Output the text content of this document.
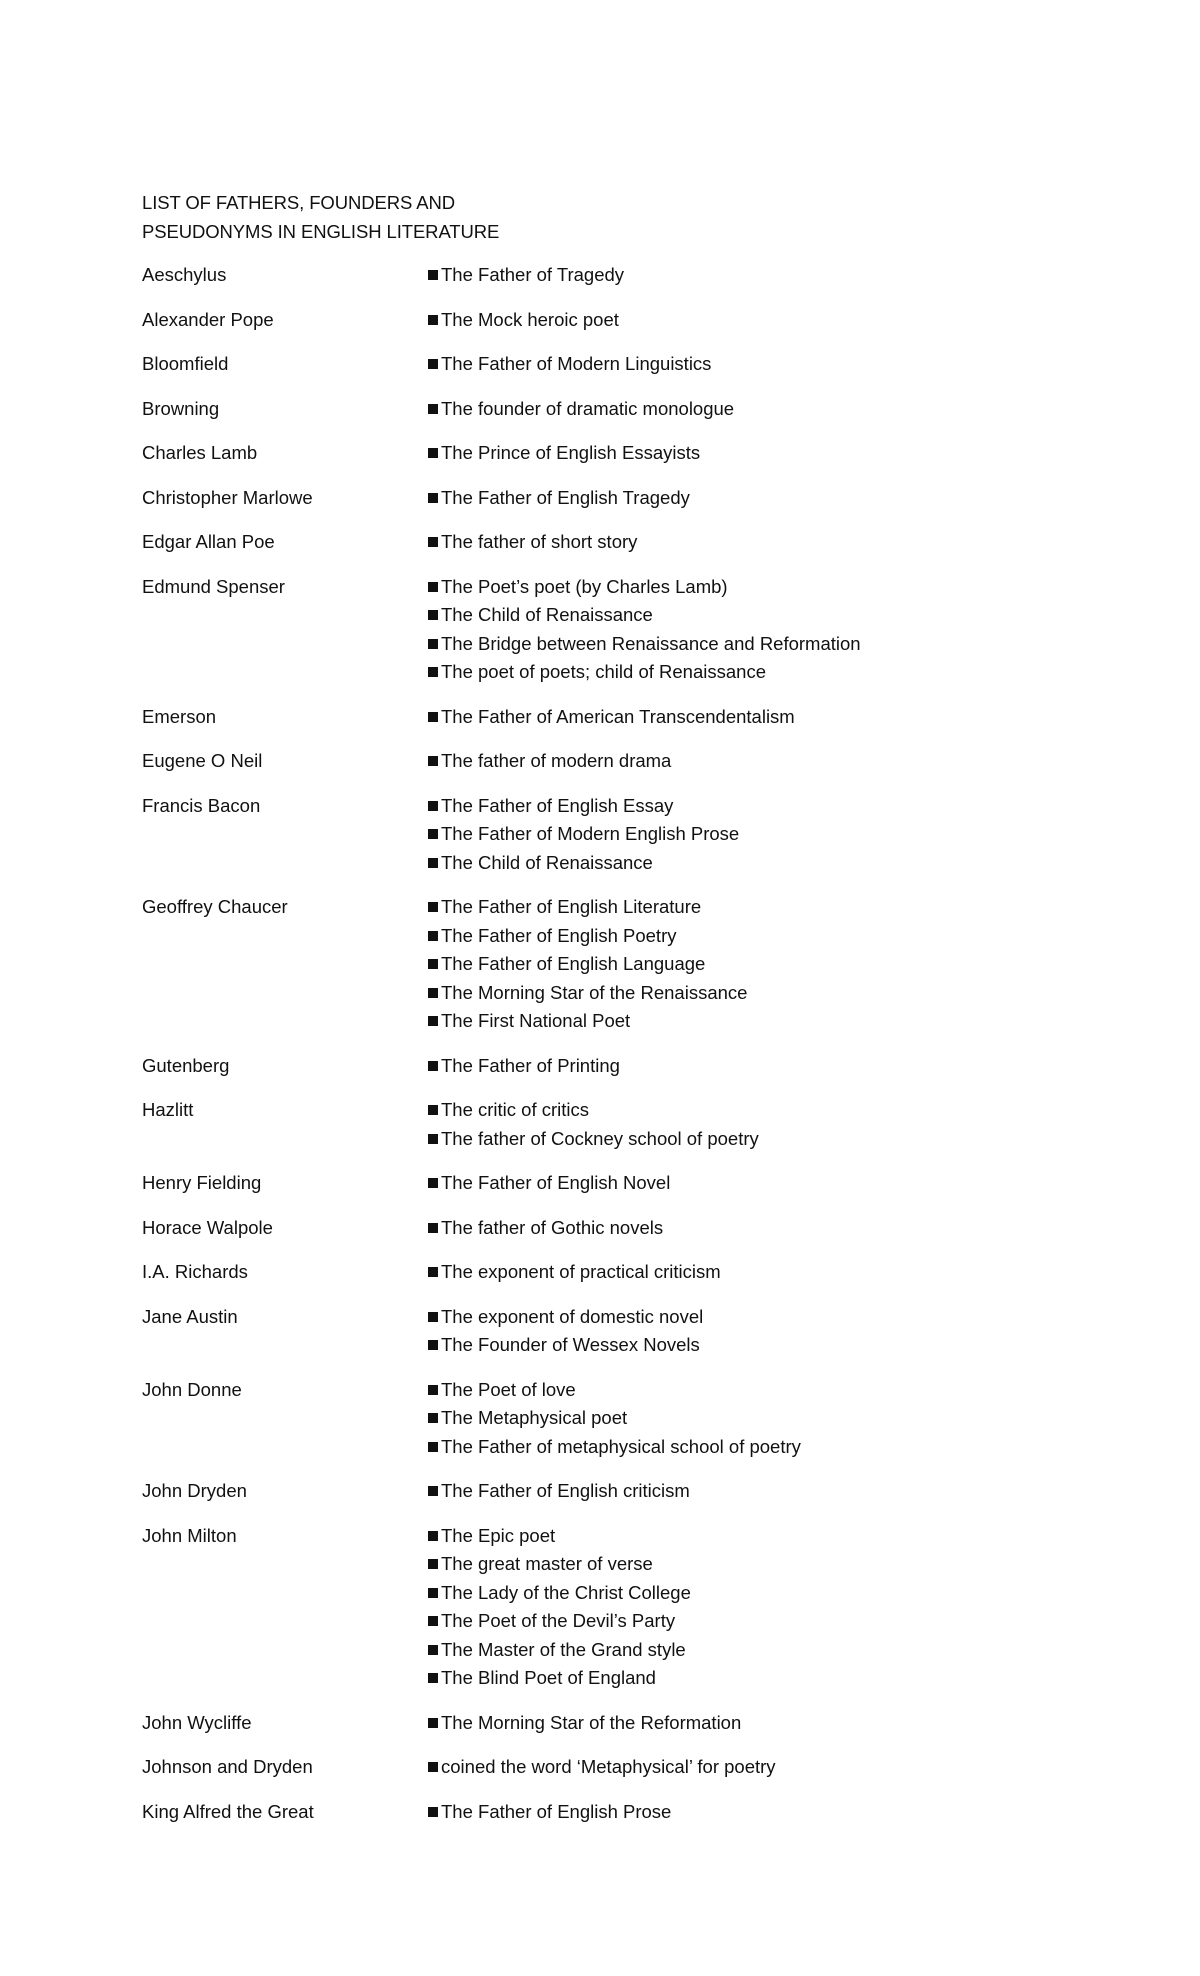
LIST OF FATHERS, FOUNDERS AND
PSEUDONYMS IN ENGLISH LITERATURE
Aeschylus	The Father of Tragedy
Alexander Pope	The Mock heroic poet
Bloomfield	The Father of Modern Linguistics
Browning	The founder of dramatic monologue
Charles Lamb	The Prince of English Essayists
Christopher Marlowe	The Father of English Tragedy
Edgar Allan Poe	The father of short story
Edmund Spenser	The Poet’s poet (by Charles Lamb)
The Child of Renaissance
The Bridge between Renaissance and Reformation
The poet of poets; child of Renaissance
Emerson	The Father of American Transcendentalism
Eugene O Neil	The father of modern drama
Francis Bacon	The Father of English Essay
The Father of Modern English Prose
The Child of Renaissance
Geoffrey Chaucer	The Father of English Literature
The Father of English Poetry
The Father of English Language
The Morning Star of the Renaissance
The First National Poet
Gutenberg	The Father of Printing
Hazlitt	The critic of critics
The father of Cockney school of poetry
Henry Fielding	The Father of English Novel
Horace Walpole	The father of Gothic novels
I.A. Richards	The exponent of practical criticism
Jane Austin	The exponent of domestic novel
The Founder of Wessex Novels
John Donne	The Poet of love
The Metaphysical poet
The Father of metaphysical school of poetry
John Dryden	The Father of English criticism
John Milton	The Epic poet
The great master of verse
The Lady of the Christ College
The Poet of the Devil’s Party
The Master of the Grand style
The Blind Poet of England
John Wycliffe	The Morning Star of the Reformation
Johnson and Dryden	coined the word ‘Metaphysical’ for poetry
King Alfred the Great	The Father of English Prose
